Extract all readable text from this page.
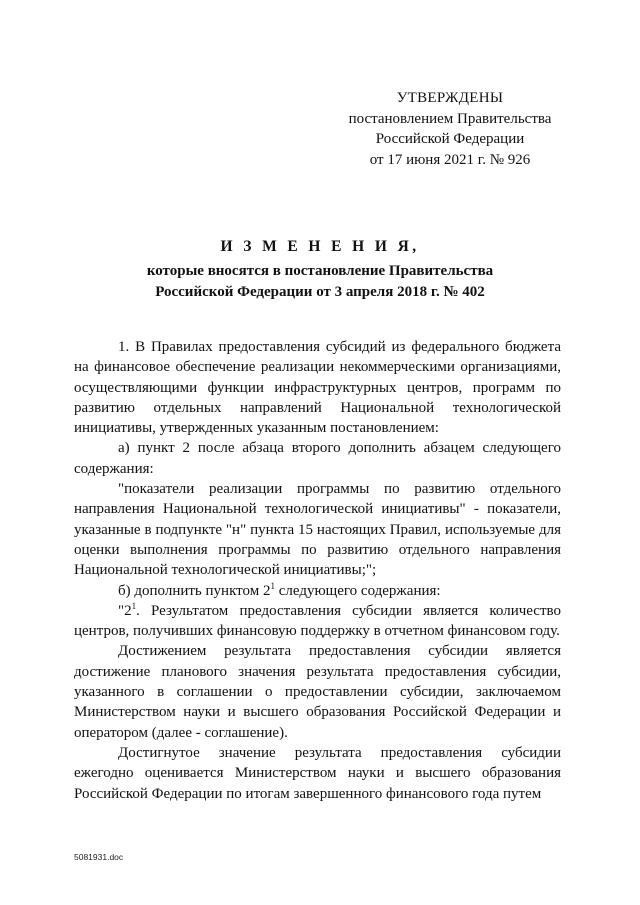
УТВЕРЖДЕНЫ
постановлением Правительства
Российской Федерации
от 17 июня 2021 г. № 926
И З М Е Н Е Н И Я,
которые вносятся в постановление Правительства
Российской Федерации от 3 апреля 2018 г. № 402

1. В Правилах предоставления субсидий из федерального бюджета на финансовое обеспечение реализации некоммерческими организациями, осуществляющими функции инфраструктурных центров, программ по развитию отдельных направлений Национальной технологической инициативы, утвержденных указанным постановлением:

а) пункт 2 после абзаца второго дополнить абзацем следующего содержания:

"показатели реализации программы по развитию отдельного направления Национальной технологической инициативы" - показатели, указанные в подпункте "н" пункта 15 настоящих Правил, используемые для оценки выполнения программы по развитию отдельного направления Национальной технологической инициативы;";

б) дополнить пунктом $2^1$ следующего содержания:

"$2^1$. Результатом предоставления субсидии является количество центров, получивших финансовую поддержку в отчетном финансовом году.

Достижением результата предоставления субсидии является достижение планового значения результата предоставления субсидии, указанного в соглашении о предоставлении субсидии, заключаемом Министерством науки и высшего образования Российской Федерации и оператором (далее - соглашение).

Достигнутое значение результата предоставления субсидии ежегодно оценивается Министерством науки и высшего образования Российской Федерации по итогам завершенного финансового года путем

5081931.doc
